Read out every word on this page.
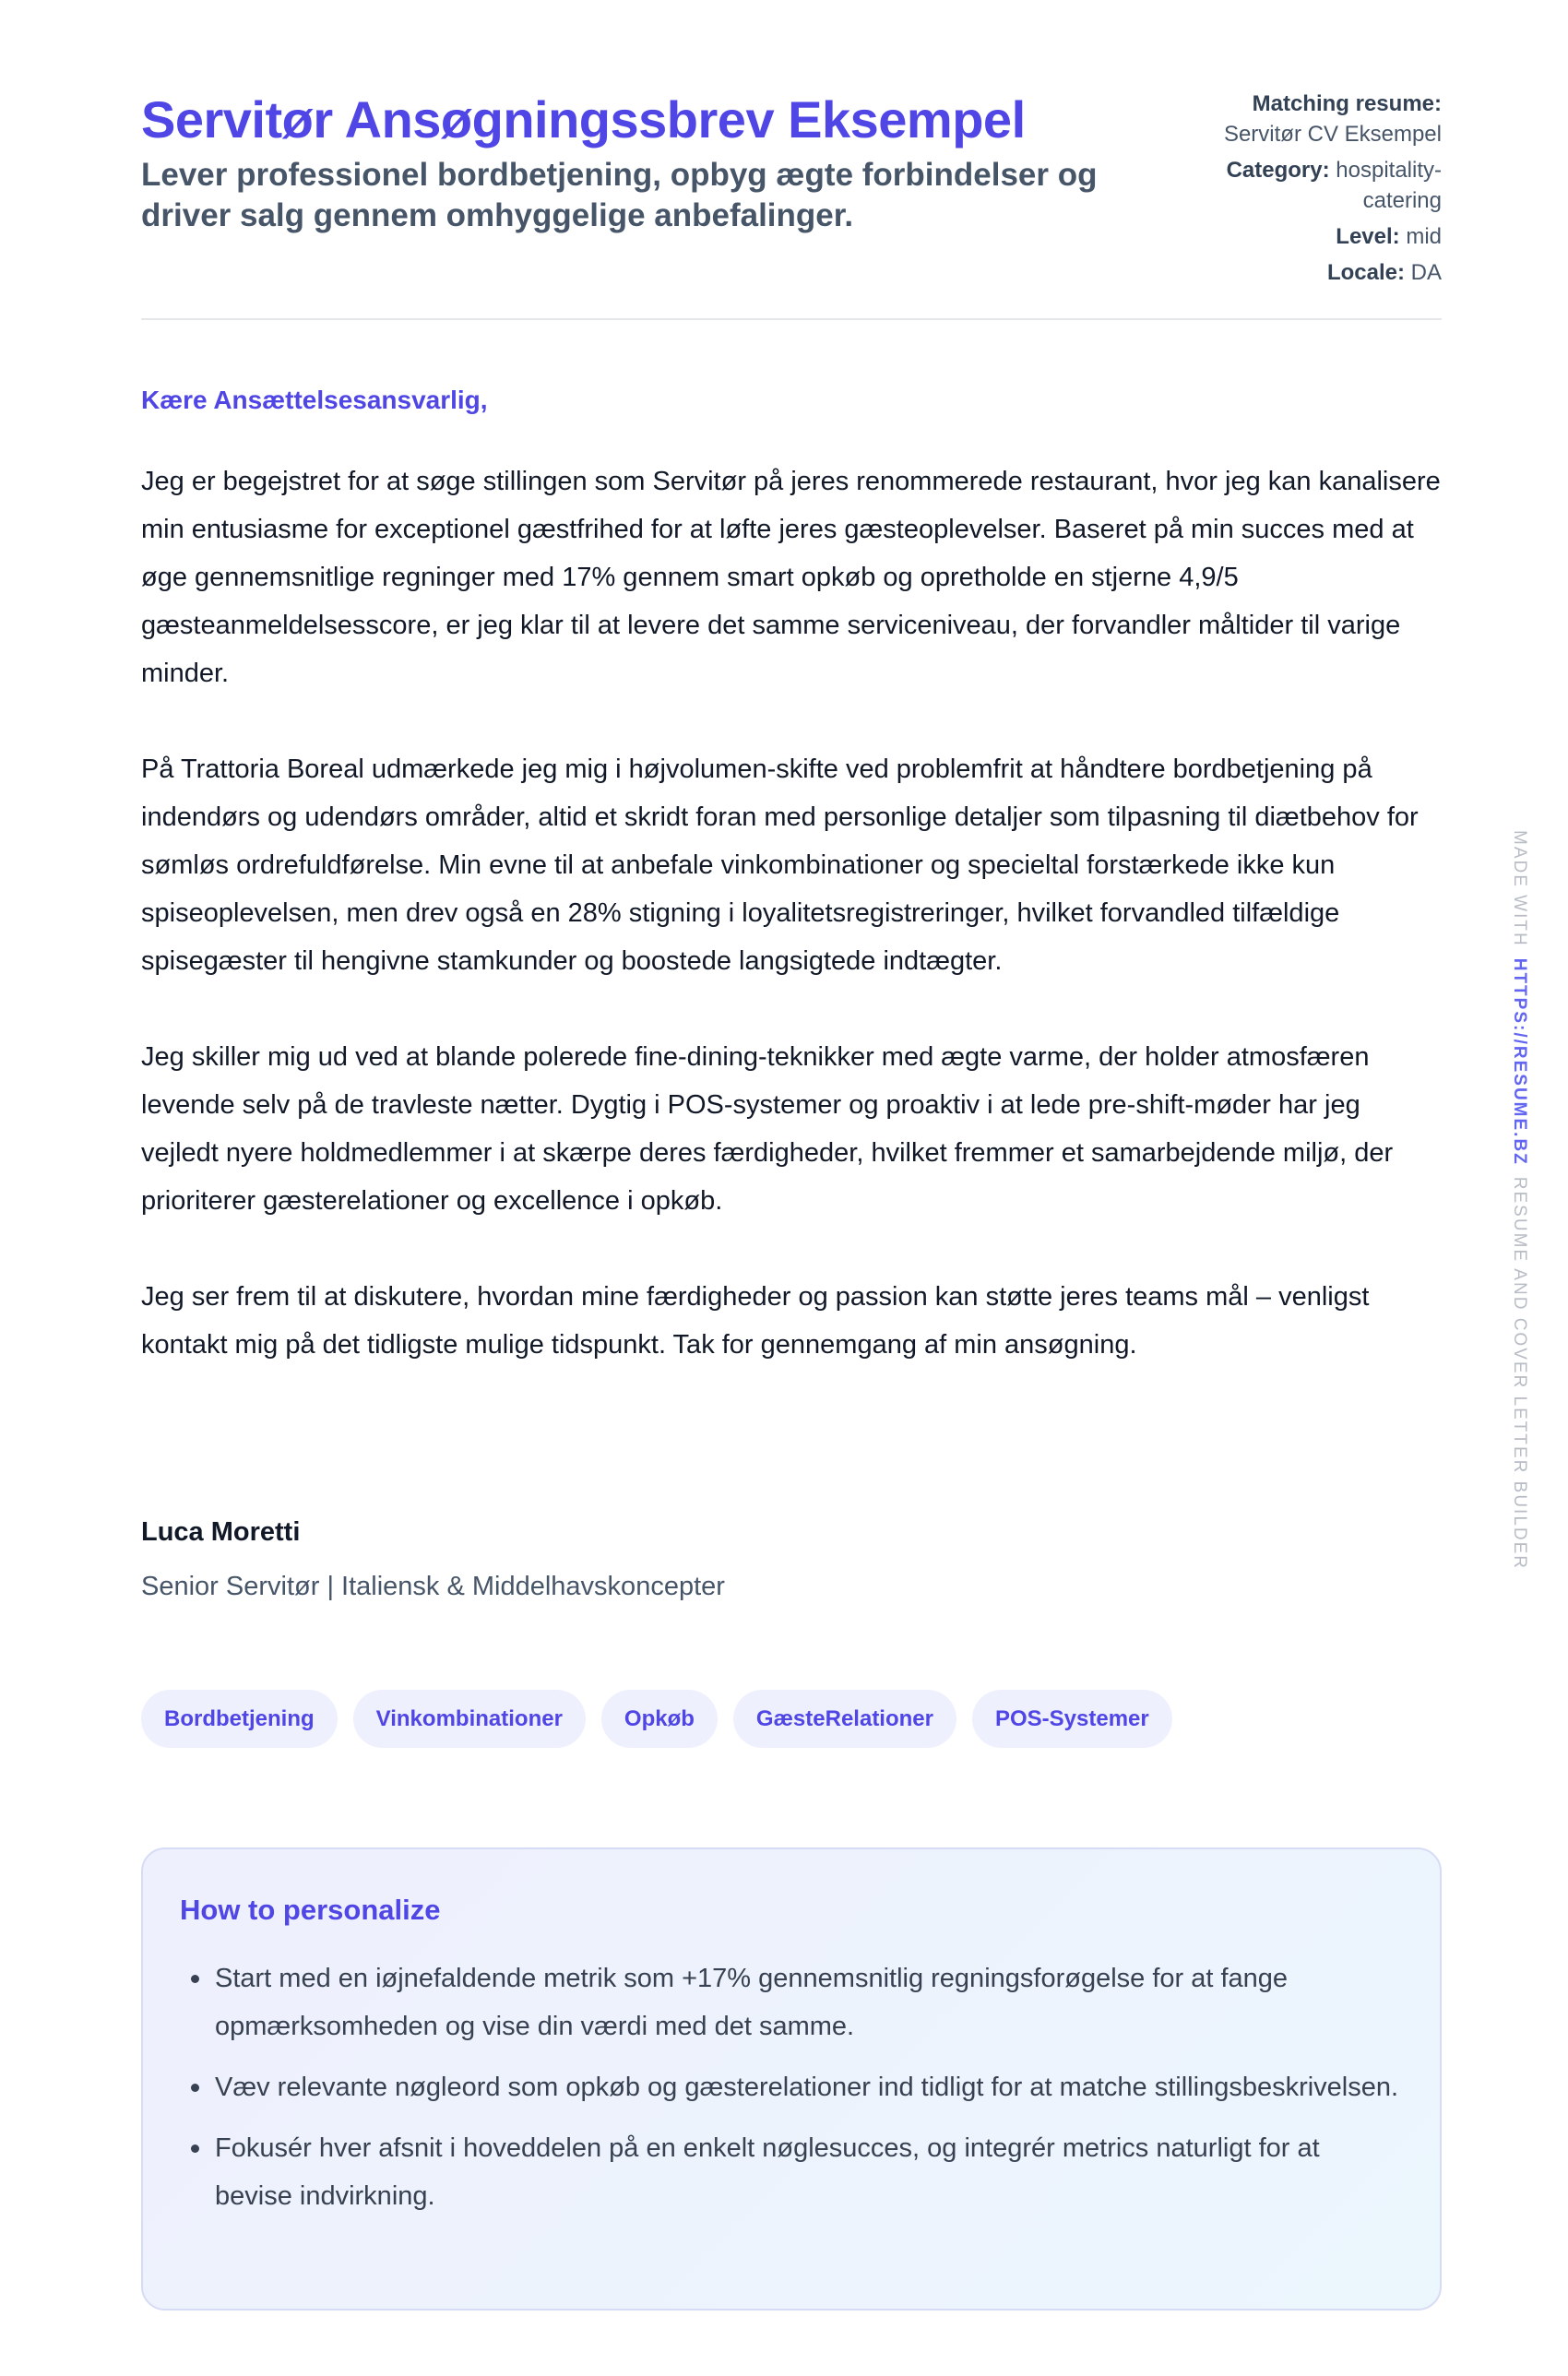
Servitør Ansøgningssbrev Eksempel
Lever professionel bordbetjening, opbyg ægte forbindelser og driver salg gennem omhyggelige anbefalinger.
Matching resume:
Servitør CV Eksempel
Category: hospitality-catering
Level: mid
Locale: DA
Kære Ansættelsesansvarlig,

Jeg er begejstret for at søge stillingen som Servitør på jeres renommerede restaurant, hvor jeg kan kanalisere min entusiasme for exceptionel gæstfrihed for at løfte jeres gæsteoplevelser. Baseret på min succes med at øge gennemsnitlige regninger med 17% gennem smart opkøb og opretholde en stjerne 4,9/5 gæsteanmeldelsesscore, er jeg klar til at levere det samme serviceniveau, der forvandler måltider til varige minder.

På Trattoria Boreal udmærkede jeg mig i højvolumen-skifte ved problemfrit at håndtere bordbetjening på indendørs og udendørs områder, altid et skridt foran med personlige detaljer som tilpasning til diætbehov for sømløs ordrefuldførelse. Min evne til at anbefale vinkombinationer og specieltal forstærkede ikke kun spiseoplevelsen, men drev også en 28% stigning i loyalitetsregistreringer, hvilket forvandled tilfældige spisegæster til hengivne stamkunder og boostede langsigtede indtægter.

Jeg skiller mig ud ved at blande polerede fine-dining-teknikker med ægte varme, der holder atmosfæren levende selv på de travleste nætter. Dygtig i POS-systemer og proaktiv i at lede pre-shift-møder har jeg vejledt nyere holdmedlemmer i at skærpe deres færdigheder, hvilket fremmer et samarbejdende miljø, der prioriterer gæsterelationer og excellence i opkøb.

Jeg ser frem til at diskutere, hvordan mine færdigheder og passion kan støtte jeres teams mål – venligst kontakt mig på det tidligste mulige tidspunkt. Tak for gennemgang af min ansøgning.

Luca Moretti
Senior Servitør | Italiensk & Middelhavskoncepter
Bordbetjening	Vinkombinationer	Opkøb	GæsteRelationer	POS-Systemer
How to personalize
Start med en iøjnefaldende metrik som +17% gennemsnitlig regningsforøgelse for at fange opmærksomheden og vise din værdi med det samme.
Væv relevante nøgleord som opkøb og gæsterelationer ind tidligt for at matche stillingsbeskrivelsen.
Fokusér hver afsnit i hoveddelen på en enkelt nøglesucces, og integrér metrics naturligt for at bevise indvirkning.
MADE WITHHTTPS://RESUME.BZRESUME AND COVER LETTER BUILDER
